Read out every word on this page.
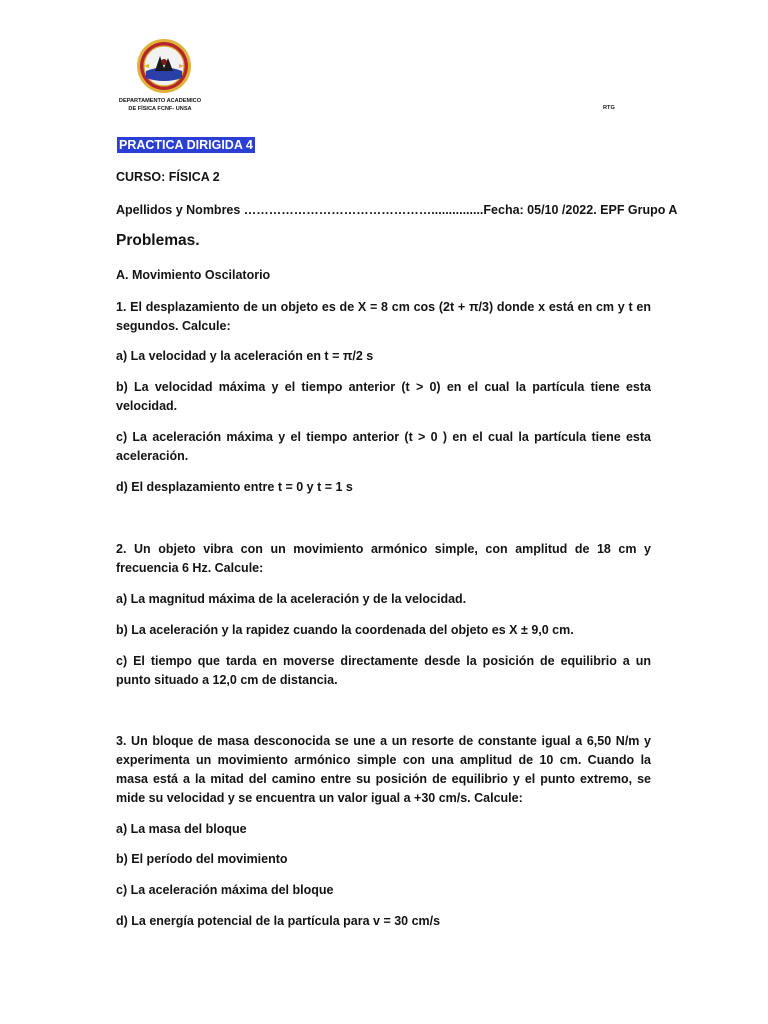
DEPARTAMENTO ACADEMICO
DE FÍSICA FCNF- UNSA	RTG
PRACTICA DIRIGIDA 4
CURSO: FÍSICA 2
Apellidos y Nombres ………………………………………...............Fecha: 05/10 /2022. EPF Grupo A
Problemas.
A. Movimiento Oscilatorio
1. El desplazamiento de un objeto es de X = 8 cm cos (2t + π/3) donde x está en cm y t en segundos. Calcule:
a) La velocidad y la aceleración en t = π/2 s
b) La velocidad máxima y el tiempo anterior (t > 0) en el cual la partícula tiene esta velocidad.
c) La aceleración máxima y el tiempo anterior (t > 0 ) en el cual la partícula tiene esta aceleración.
d) El desplazamiento entre t = 0 y t = 1 s
2. Un objeto vibra con un movimiento armónico simple, con amplitud de 18 cm y frecuencia 6 Hz. Calcule:
a) La magnitud máxima de la aceleración y de la velocidad.
b) La aceleración y la rapidez cuando la coordenada del objeto es X ± 9,0 cm.
c) El tiempo que tarda en moverse directamente desde la posición de equilibrio a un punto situado a 12,0 cm de distancia.
3. Un bloque de masa desconocida se une a un resorte de constante igual a 6,50 N/m y experimenta un movimiento armónico simple con una amplitud de 10 cm. Cuando la masa está a la mitad del camino entre su posición de equilibrio y el punto extremo, se mide su velocidad y se encuentra un valor igual a +30 cm/s. Calcule:
a) La masa del bloque
b) El período del movimiento
c) La aceleración máxima del bloque
d) La energía potencial de la partícula para v = 30 cm/s
